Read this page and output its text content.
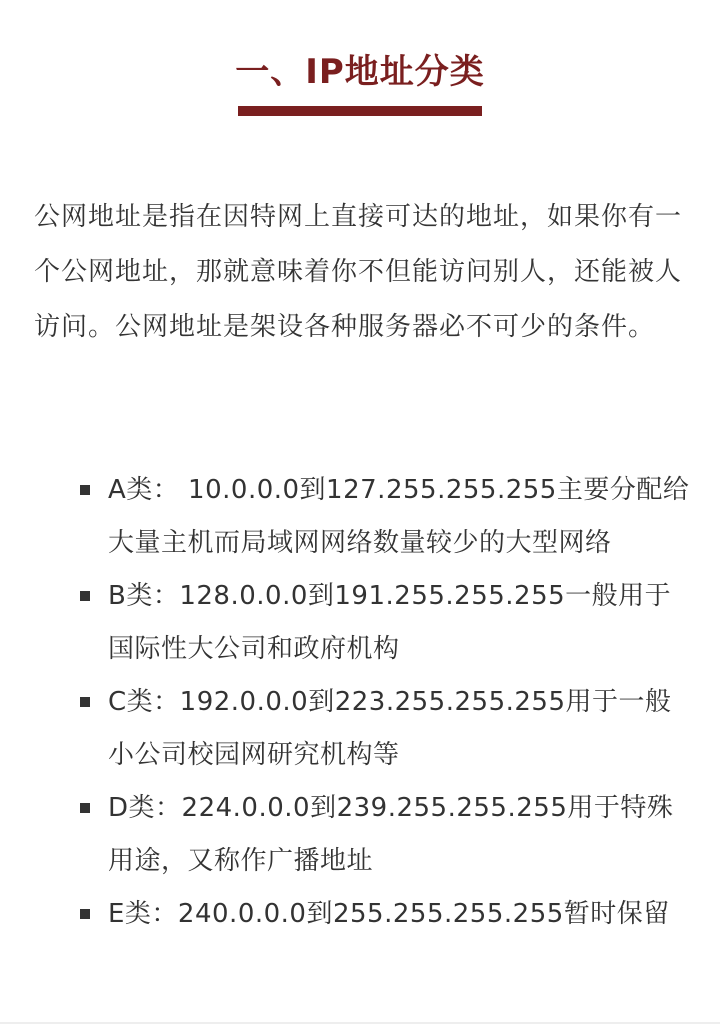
一、IP地址分类

公网地址是指在因特网上直接可达的地址，如果你有一个公网地址，那就意味着你不但能访问别人，还能被人访问。公网地址是架设各种服务器必不可少的条件。

A类： 10.0.0.0到127.255.255.255主要分配给大量主机而局域网网络数量较少的大型网络
B类：128.0.0.0到191.255.255.255一般用于国际性大公司和政府机构
C类：192.0.0.0到223.255.255.255用于一般小公司校园网研究机构等
D类：224.0.0.0到239.255.255.255用于特殊用途，又称作广播地址
E类：240.0.0.0到255.255.255.255暂时保留
